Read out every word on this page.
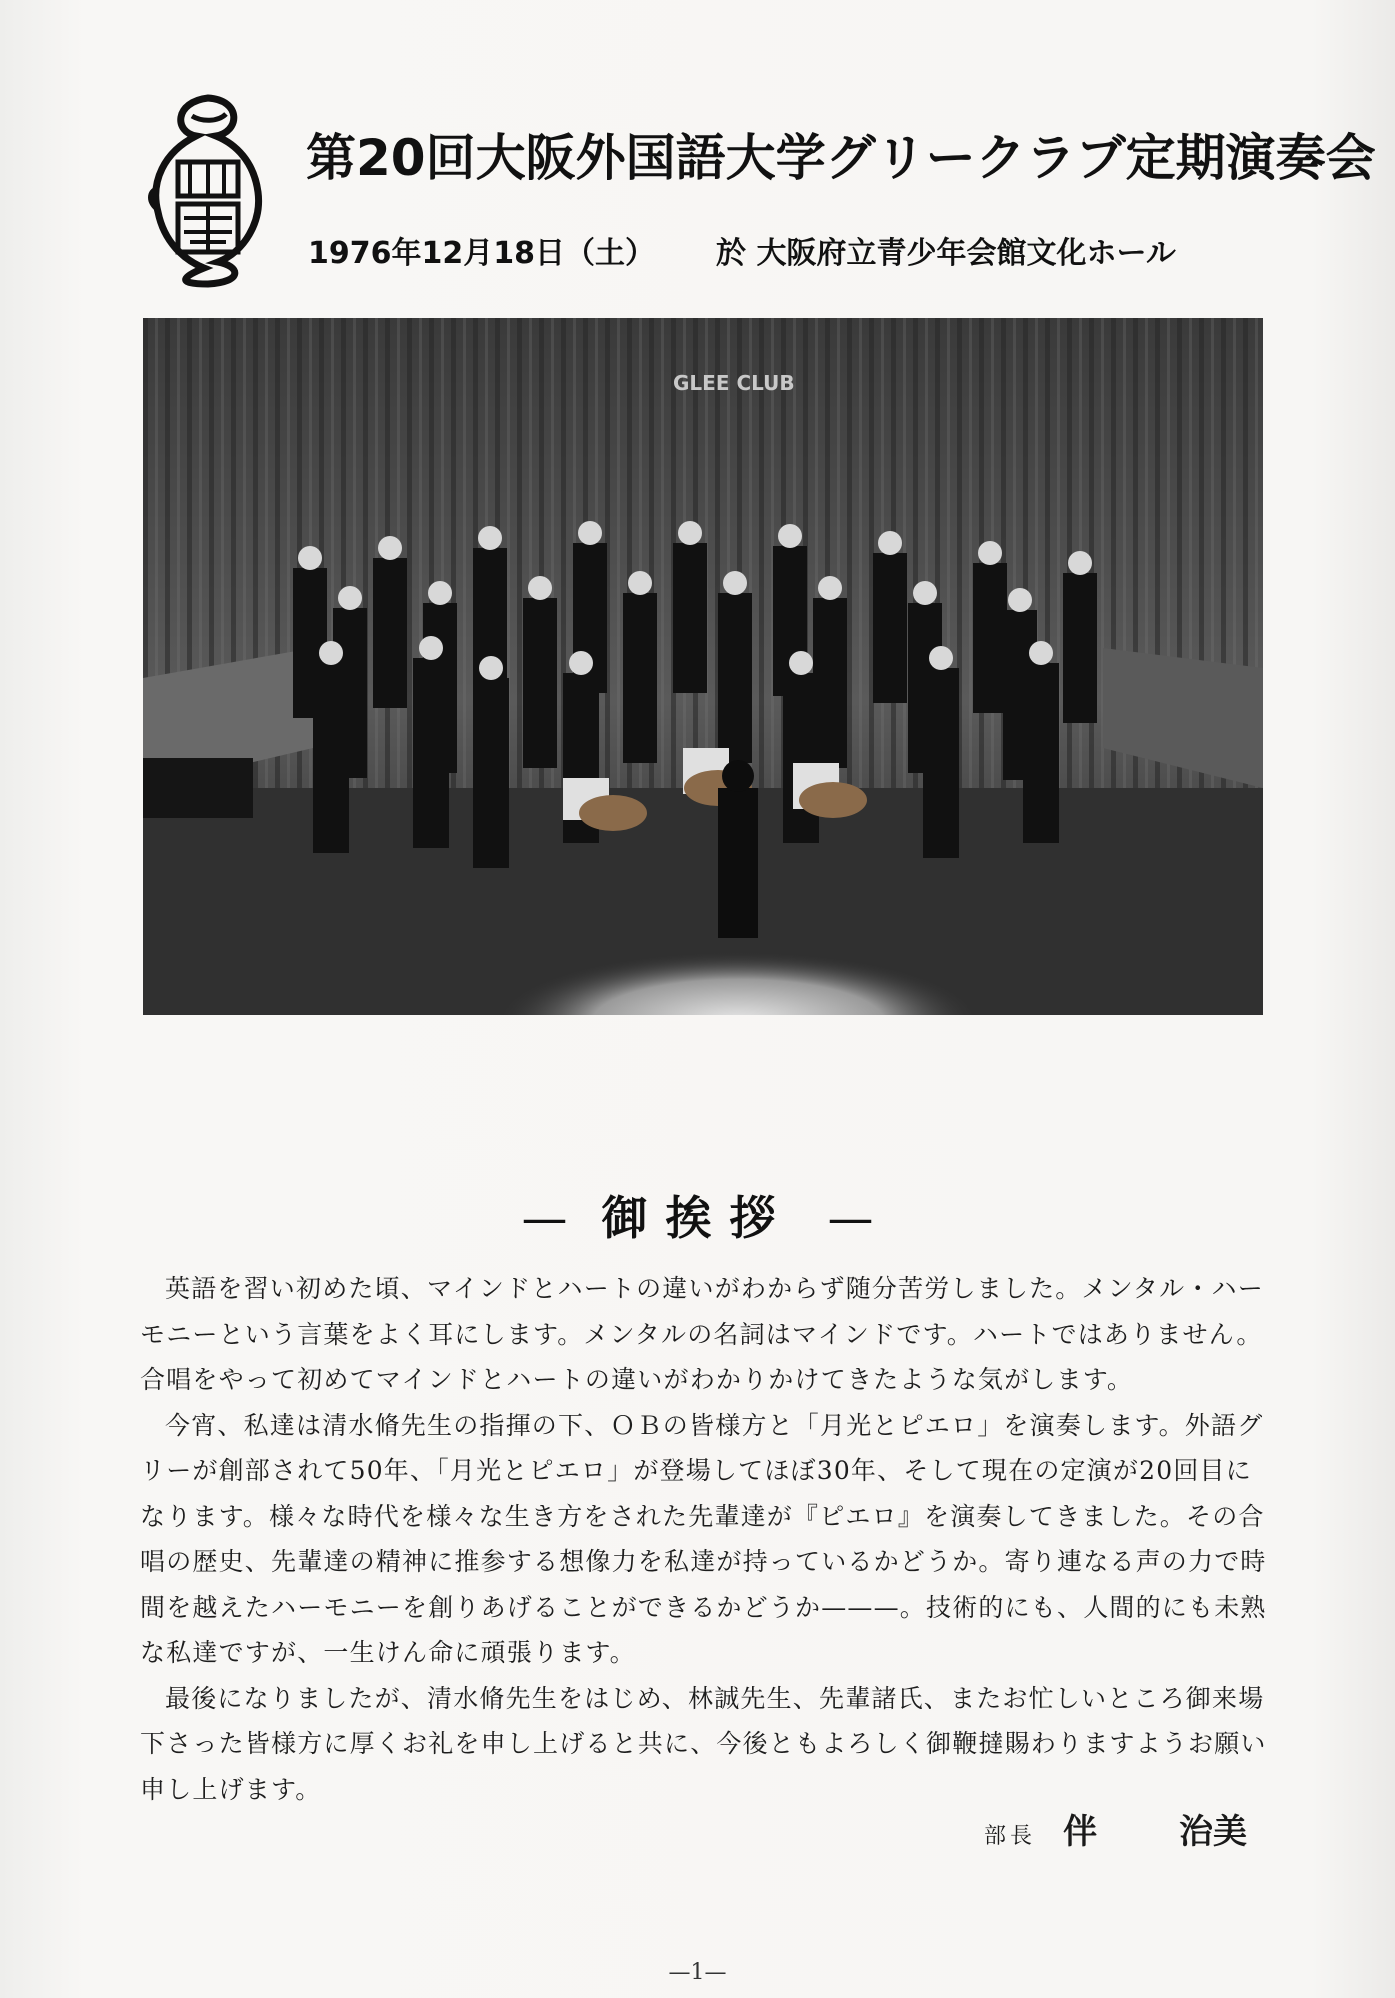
第20回大阪外国語大学グリークラブ定期演奏会
1976年12月18日（土） 於 大阪府立青少年会館文化ホール
GLEE CLUB
— 御挨拶 —

英語を習い初めた頃、マインドとハートの違いがわからず随分苦労しました。メンタル・ハーモニーという言葉をよく耳にします。メンタルの名詞はマインドです。ハートではありません。合唱をやって初めてマインドとハートの違いがわかりかけてきたような気がします。

今宵、私達は清水脩先生の指揮の下、ＯＢの皆様方と「月光とピエロ」を演奏します。外語グリーが創部されて50年、「月光とピエロ」が登場してほぼ30年、そして現在の定演が20回目になります。様々な時代を様々な生き方をされた先輩達が『ピエロ』を演奏してきました。その合唱の歴史、先輩達の精神に推参する想像力を私達が持っているかどうか。寄り連なる声の力で時間を越えたハーモニーを創りあげることができるかどうか———。技術的にも、人間的にも未熟な私達ですが、一生けん命に頑張ります。

最後になりましたが、清水脩先生をはじめ、林誠先生、先輩諸氏、またお忙しいところ御来場下さった皆様方に厚くお礼を申し上げると共に、今後ともよろしく御鞭撻賜わりますようお願い申し上げます。

部長 伴 治美
—1—
